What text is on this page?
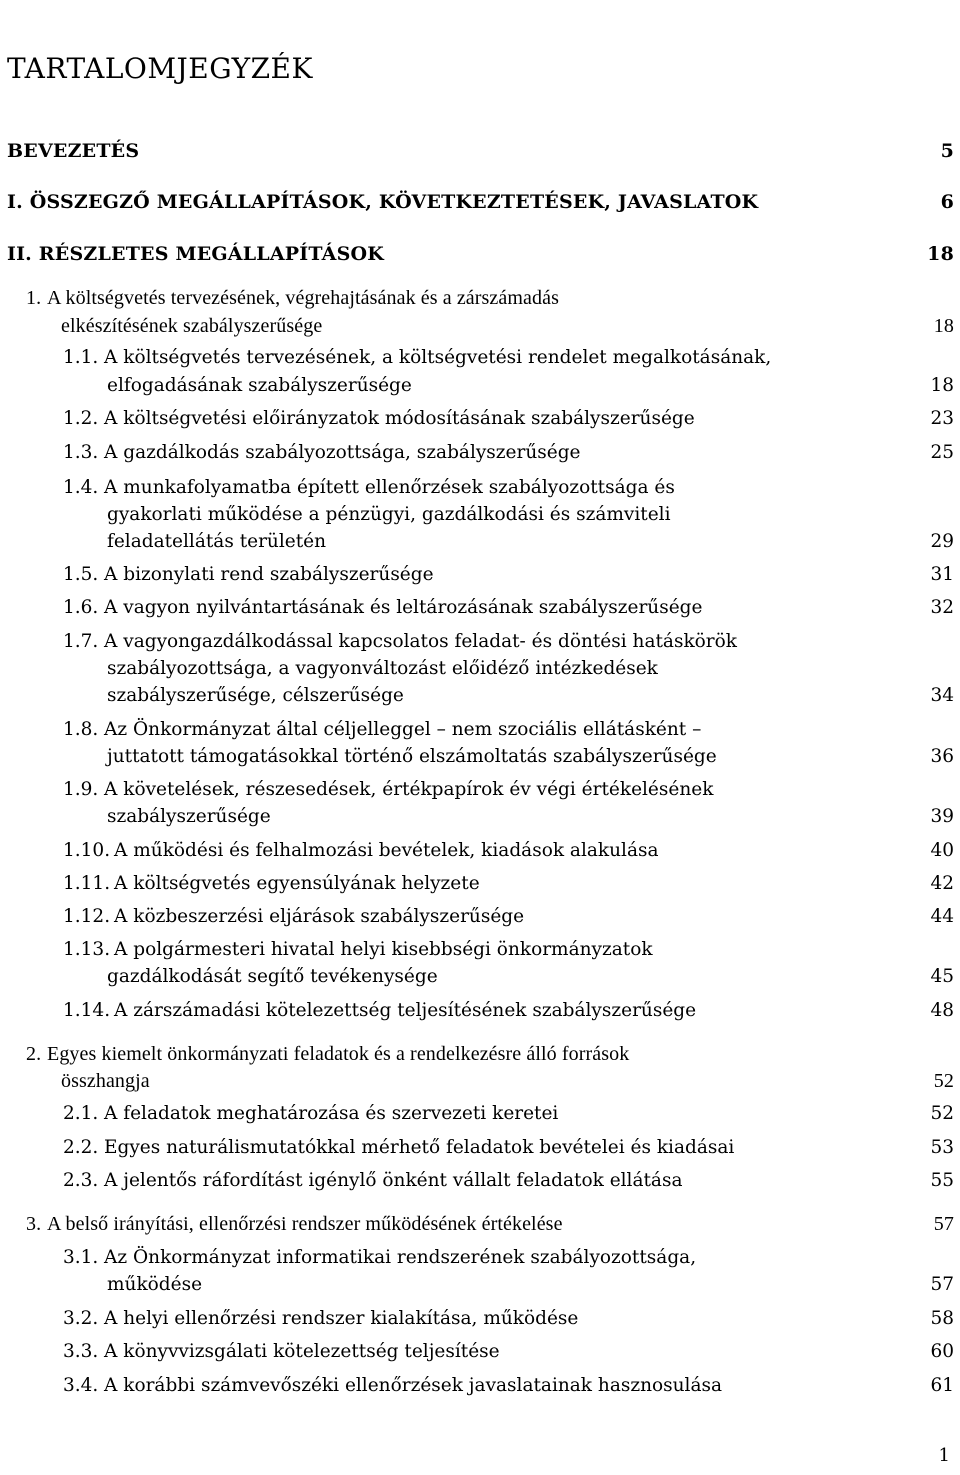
TARTALOMJEGYZÉK
BEVEZETÉS	5
I. ÖSSZEGZŐ MEGÁLLAPÍTÁSOK, KÖVETKEZTETÉSEK, JAVASLATOK	6
II. RÉSZLETES MEGÁLLAPÍTÁSOK	18
1. A költségvetés tervezésének, végrehajtásának és a zárszámadás
elkészítésének szabályszerűsége	18
1.1. A költségvetés tervezésének, a költségvetési rendelet megalkotásának,
elfogadásának szabályszerűsége	18
1.2. A költségvetési előirányzatok módosításának szabályszerűsége	23
1.3. A gazdálkodás szabályozottsága, szabályszerűsége	25
1.4. A munkafolyamatba épített ellenőrzések szabályozottsága és
gyakorlati működése a pénzügyi, gazdálkodási és számviteli
feladatellátás területén	29
1.5. A bizonylati rend szabályszerűsége	31
1.6. A vagyon nyilvántartásának és leltározásának szabályszerűsége	32
1.7. A vagyongazdálkodással kapcsolatos feladat- és döntési hatáskörök
szabályozottsága, a vagyonváltozást előidéző intézkedések
szabályszerűsége, célszerűsége	34
1.8. Az Önkormányzat által céljelleggel – nem szociális ellátásként –
juttatott támogatásokkal történő elszámoltatás szabályszerűsége	36
1.9. A követelések, részesedések, értékpapírok év végi értékelésének
szabályszerűsége	39
1.10. A működési és felhalmozási bevételek, kiadások alakulása	40
1.11. A költségvetés egyensúlyának helyzete	42
1.12. A közbeszerzési eljárások szabályszerűsége	44
1.13. A polgármesteri hivatal helyi kisebbségi önkormányzatok
gazdálkodását segítő tevékenysége	45
1.14. A zárszámadási kötelezettség teljesítésének szabályszerűsége	48
2. Egyes kiemelt önkormányzati feladatok és a rendelkezésre álló források
összhangja	52
2.1. A feladatok meghatározása és szervezeti keretei	52
2.2. Egyes naturálismutatókkal mérhető feladatok bevételei és kiadásai	53
2.3. A jelentős ráfordítást igénylő önként vállalt feladatok ellátása	55
3. A belső irányítási, ellenőrzési rendszer működésének értékelése	57
3.1. Az Önkormányzat informatikai rendszerének szabályozottsága,
működése	57
3.2. A helyi ellenőrzési rendszer kialakítása, működése	58
3.3. A könyvvizsgálati kötelezettség teljesítése	60
3.4. A korábbi számvevőszéki ellenőrzések javaslatainak hasznosulása	61
1
